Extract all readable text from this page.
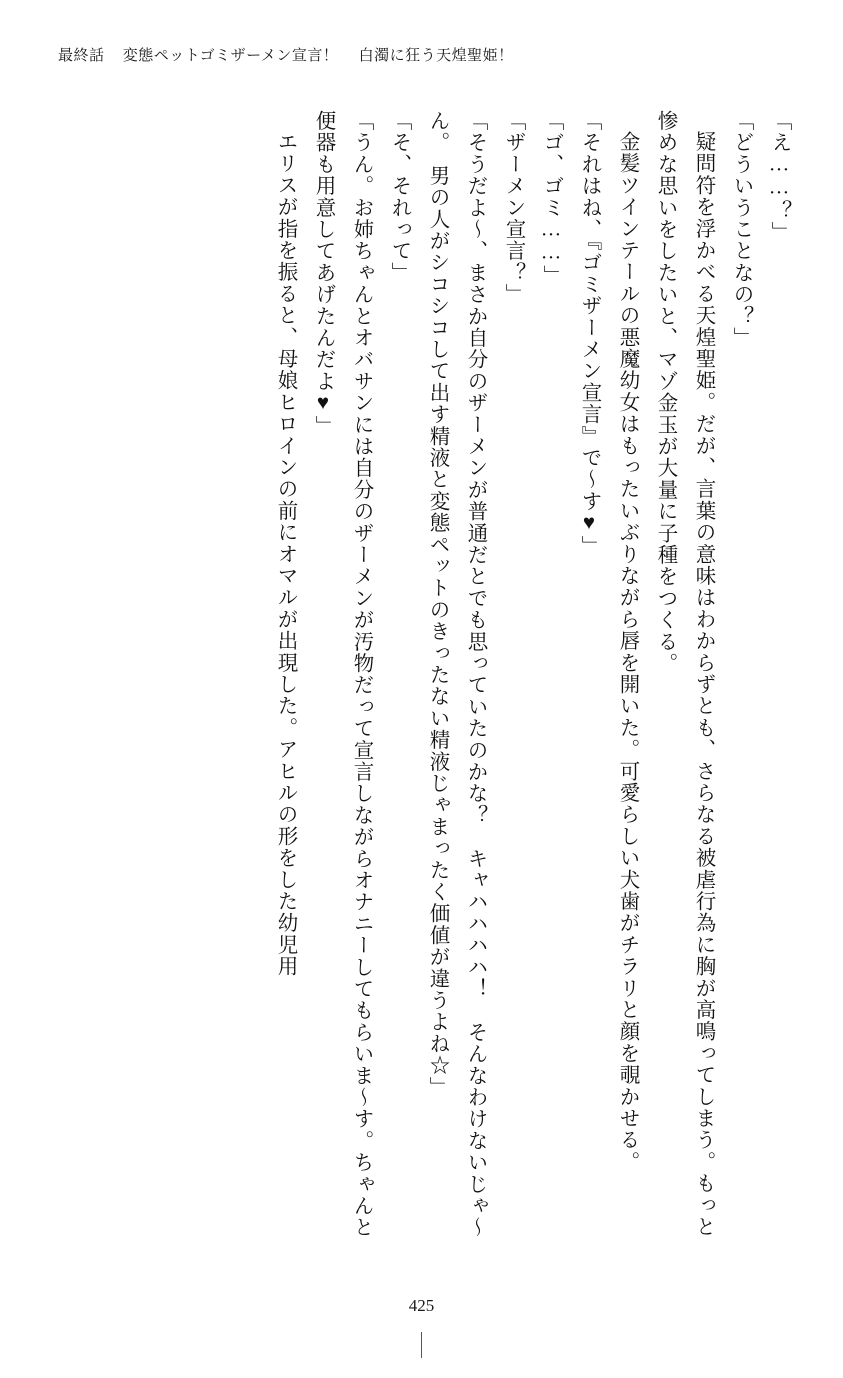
最終話 変態ペットゴミザーメン宣言！ 白濁に狂う天煌聖姫！

「え……？」

「どういうことなの？」

疑問符を浮かべる天煌聖姫。だが、言葉の意味はわからずとも、さらなる被虐行為に胸が高鳴ってしまう。もっと惨めな思いをしたいと、マゾ金玉が大量に子種をつくる。

金髪ツインテールの悪魔幼女はもったいぶりながら唇を開いた。可愛らしい犬歯がチラリと顔を覗かせる。

「それはね、『ゴミザーメン宣言』で～す♥」

「ゴ、ゴミ……」

「ザーメン宣言？」

「そうだよ～、まさか自分のザーメンが普通だとでも思っていたのかな？　キャハハハハ！　そんなわけないじゃ～ん。　男の人がシコシコして出す精液と変態ペットのきったない精液じゃまったく価値が違うよね☆」

「そ、それって」

「うん。お姉ちゃんとオバサンには自分のザーメンが汚物だって宣言しながらオナニーしてもらいま～す。ちゃんと便器も用意してあげたんだよ♥」

エリスが指を振ると、母娘ヒロインの前にオマルが出現した。アヒルの形をした幼児用

425
